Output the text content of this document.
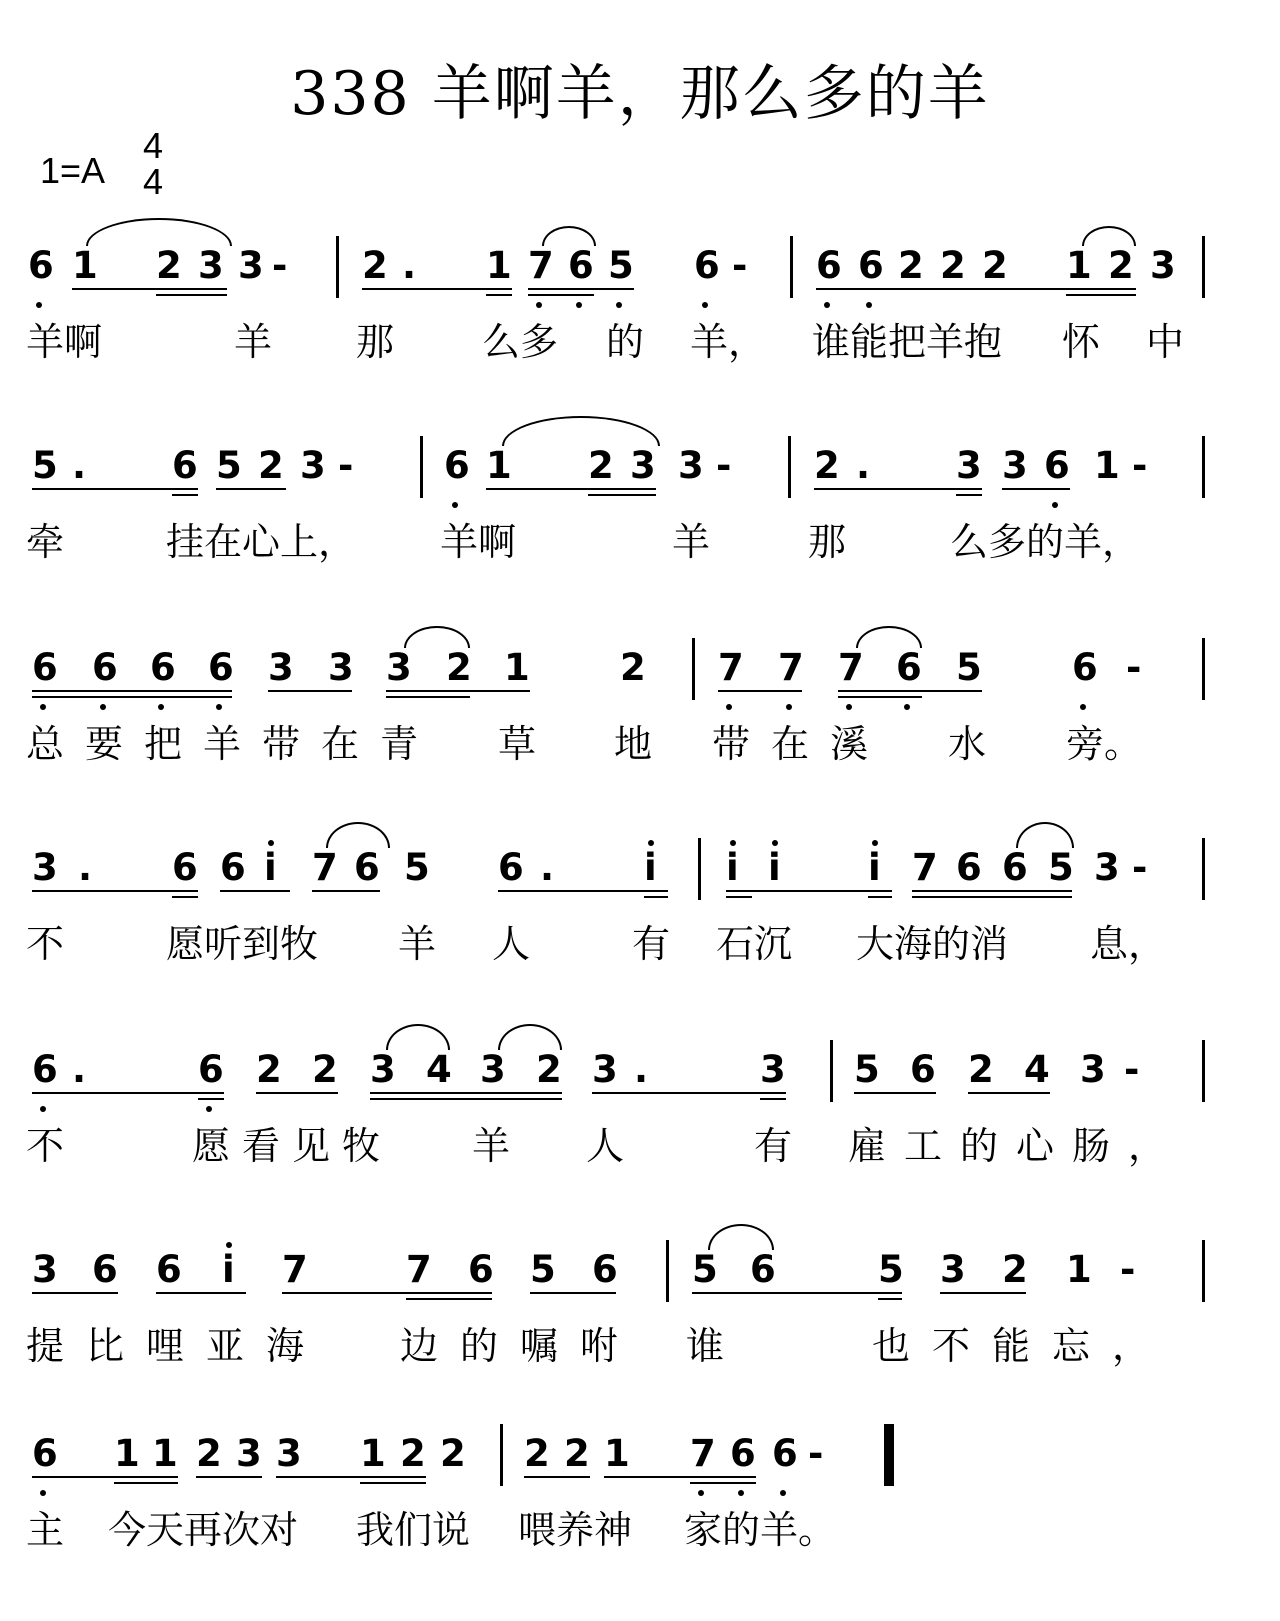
338 羊啊羊，那么多的羊
1=A
4
4
6 1 2 3 3 - 2 . 1 7 6 5 6 - 6 6 2 2 2 1 2 3
羊啊	羊 那 么多 的 羊， 谁能把羊抱 怀 中
5 . 6 5 2 3 - 6 1 2 3 3 - 2 . 3 3 6 1 -
牵	挂在心上， 羊啊	羊	那	么多的羊，
6 6 6 6 3 3 3 2 1 2 7 7 7 6 5 6 -
总要把羊带在青 草 地 带在溪 水 旁。
3 . 6 6 i 7 6 5 6 . i i i i 7 6 6 5 3 -
不	愿听到牧 羊 人	有 石沉 大海的消 息，
6 .	6 2 2 3 4 3 2 3 .	3 5 6 2 4 3 -
不	愿看见牧 羊 人	有 雇工的心肠，
3 6 6 i 7	7 6 5 6 5 6	5 3 2 1 -
提比哩亚海 边的嘱咐 谁	也不能忘，
6 1 1 2 3 3 1 2 2 2 2 1 7 6 6 -
主 今天再次对 我们说 喂养神 家的羊。
